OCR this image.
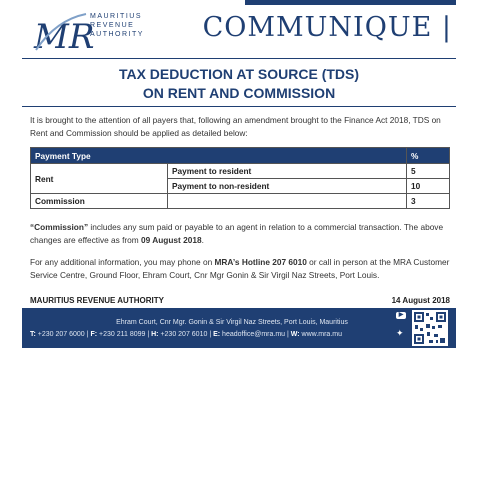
MR
MAURITIUS
REVENUE
AUTHORITY COMMUNIQUE |
TAX DEDUCTION AT SOURCE (TDS)
ON RENT AND COMMISSION
It is brought to the attention of all payers that, following an amendment brought to the Finance Act 2018, TDS on Rent and Commission should be applied as detailed below:
Payment Type		%
Rent	Payment to resident	5
	Payment to non-resident	10
Commission		3
“Commission” includes any sum paid or payable to an agent in relation to a commercial transaction. The above changes are effective as from 09 August 2018.
For any additional information, you may phone on MRA’s Hotline 207 6010 or call in person at the MRA Customer Service Centre, Ground Floor, Ehram Court, Cnr Mgr Gonin & Sir Virgil Naz Streets, Port Louis.
MAURITIUS REVENUE AUTHORITY	14 August 2018
Ehram Court, Cnr Mgr. Gonin & Sir Virgil Naz Streets, Port Louis, Mauritius
T: +230 207 6000 | F: +230 211 8099 | H: +230 207 6010 | E: headoffice@mra.mu | W: www.mra.mu
▶
✦
